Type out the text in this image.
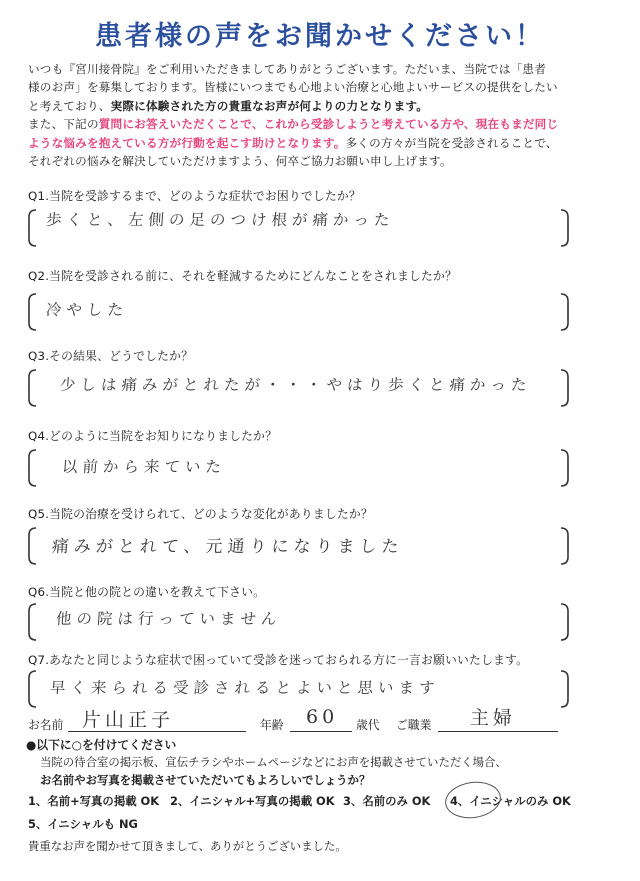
患者様の声をお聞かせください！
いつも『宮川接骨院』をご利用いただきましてありがとうございます。ただいま、当院では「患者
様のお声」を募集しております。皆様にいつまでも心地よい治療と心地よいサービスの提供をしたい
と考えており、実際に体験された方の貴重なお声が何よりの力となります。
また、下記の質問にお答えいただくことで、これから受診しようと考えている方や、現在もまだ同じ
ような悩みを抱えている方が行動を起こす助けとなります。多くの方々が当院を受診されることで、
それぞれの悩みを解決していただけますよう、何卒ご協力お願い申し上げます。
Q1.当院を受診するまで、どのような症状でお困りでしたか？
歩くと、左側の足のつけ根が痛かった
Q2.当院を受診される前に、それを軽減するためにどんなことをされましたか？
冷やした
Q3.その結果、どうでしたか？
少しは痛みがとれたが・・・やはり歩くと痛かった
Q4.どのように当院をお知りになりましたか？
以前から来ていた
Q5.当院の治療を受けられて、どのような変化がありましたか？
痛みがとれて、元通りになりました
Q6.当院と他の院との違いを教えて下さい。
他の院は行っていません
Q7.あなたと同じような症状で困っていて受診を迷っておられる方に一言お願いいたします。
早く来られる受診されるとよいと思います
お名前 片山正子	年齢 60 歳代 ご職業 主婦
●以下に○を付けてください
当院の待合室の掲示板、宣伝チラシやホームページなどにお声を掲載させていただく場合、
お名前やお写真を掲載させていただいてもよろしいでしょうか？
1、名前+写真の掲載 OK 2、イニシャル+写真の掲載 OK 3、名前のみ OK 4、イニシャルのみ OK
5、イニシャルも NG
貴重なお声を聞かせて頂きまして、ありがとうございました。
